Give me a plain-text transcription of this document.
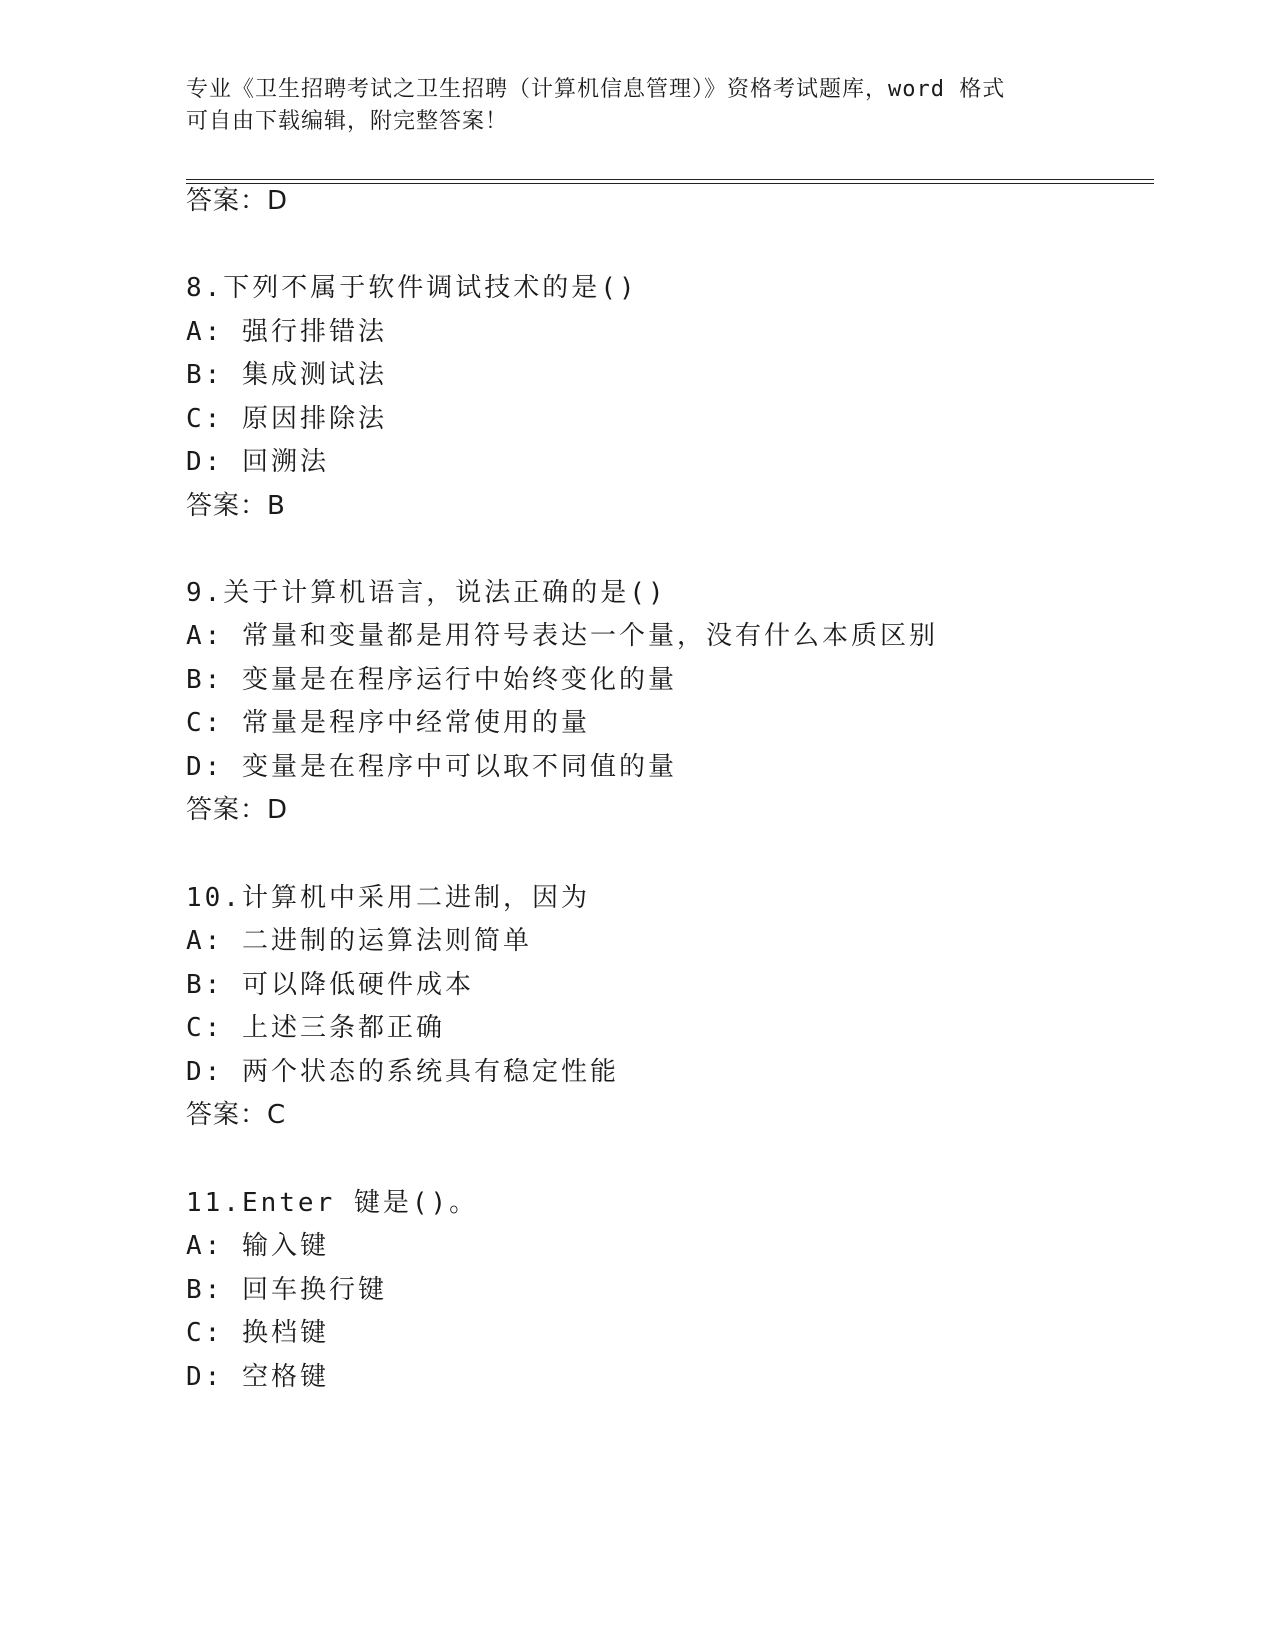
专业《卫生招聘考试之卫生招聘（计算机信息管理）》资格考试题库，word 格式
可自由下载编辑，附完整答案！
答案：D
8.下列不属于软件调试技术的是()
A: 强行排错法
B: 集成测试法
C: 原因排除法
D: 回溯法
答案：B
9.关于计算机语言，说法正确的是()
A: 常量和变量都是用符号表达一个量，没有什么本质区别
B: 变量是在程序运行中始终变化的量
C: 常量是程序中经常使用的量
D: 变量是在程序中可以取不同值的量
答案：D
10.计算机中采用二进制，因为
A: 二进制的运算法则简单
B: 可以降低硬件成本
C: 上述三条都正确
D: 两个状态的系统具有稳定性能
答案：C
11.Enter 键是()。
A: 输入键
B: 回车换行键
C: 换档键
D: 空格键
